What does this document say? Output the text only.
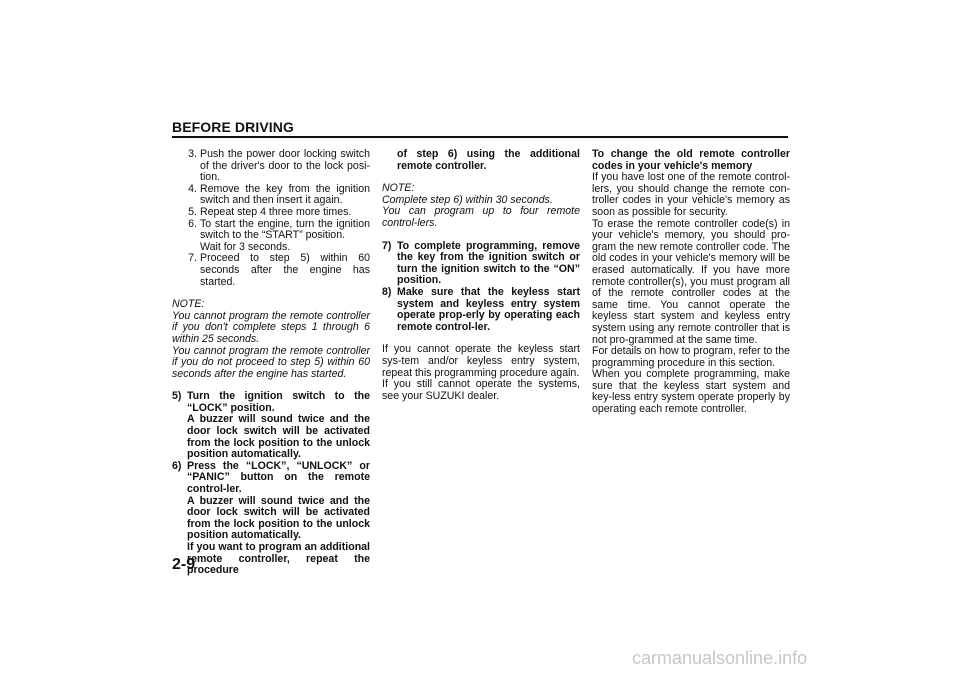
BEFORE DRIVING
3. Push the power door locking switch of the driver's door to the lock posi-tion.
4. Remove the key from the ignition switch and then insert it again.
5. Repeat step 4 three more times.
6. To start the engine, turn the ignition switch to the “START” position.
Wait for 3 seconds.
7. Proceed to step 5) within 60 seconds after the engine has started.

NOTE:

You cannot program the remote controller if you don't complete steps 1 through 6 within 25 seconds.

You cannot program the remote controller if you do not proceed to step 5) within 60 seconds after the engine has started.

5) Turn the ignition switch to the “LOCK” position.

A buzzer will sound twice and the door lock switch will be activated from the lock position to the unlock position automatically.

6) Press the “LOCK”, “UNLOCK” or “PANIC” button on the remote control-ler.

A buzzer will sound twice and the door lock switch will be activated from the lock position to the unlock position automatically.

If you want to program an additional remote controller, repeat the procedure

of step 6) using the additional remote controller.

NOTE:

Complete step 6) within 30 seconds.

You can program up to four remote control-lers.

7) To complete programming, remove the key from the ignition switch or turn the ignition switch to the “ON” position.
8) Make sure that the keyless start system and keyless entry system operate prop-erly by operating each remote control-ler.

If you cannot operate the keyless start sys-tem and/or keyless entry system, repeat this programming procedure again.

If you still cannot operate the systems, see your SUZUKI dealer.

To change the old remote controller codes in your vehicle's memory

If you have lost one of the remote control-lers, you should change the remote con-troller codes in your vehicle's memory as soon as possible for security.

To erase the remote controller code(s) in your vehicle's memory, you should pro-gram the new remote controller code. The old codes in your vehicle's memory will be erased automatically. If you have more remote controller(s), you must program all of the remote controller codes at the same time. You cannot operate the keyless start system and keyless entry system using any remote controller that is not pro-grammed at the same time.

For details on how to program, refer to the programming procedure in this section.

When you complete programming, make sure that the keyless start system and key-less entry system operate properly by operating each remote controller.

2-9
carmanualsonline.info
